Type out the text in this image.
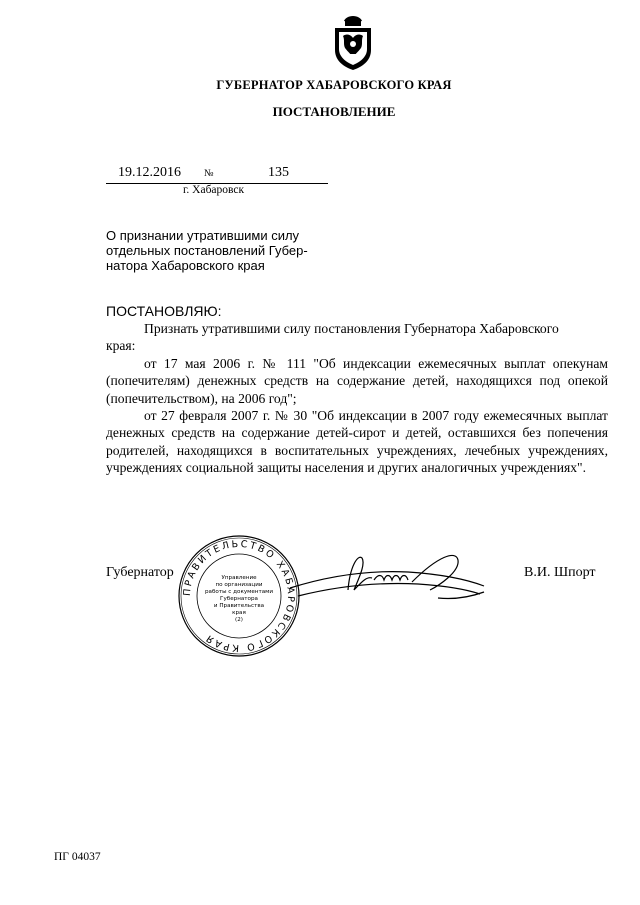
ГУБЕРНАТОР ХАБАРОВСКОГО КРАЯ
ПОСТАНОВЛЕНИЕ
19.12.2016 №	135
г. Хабаровск
О признании утратившими силу
отдельных постановлений Губер-
натора Хабаровского края
ПОСТАНОВЛЯЮ:

Признать утратившими силу постановления Губернатора Хабаровского

края:

от 17 мая 2006 г. № 111 "Об индексации ежемесячных выплат опекунам (попечителям) денежных средств на содержание детей, находящихся под опекой (попечительством), на 2006 год";

от 27 февраля 2007 г. № 30 "Об индексации в 2007 году ежемесячных выплат денежных средств на содержание детей-сирот и детей, оставшихся без попечения родителей, находящихся в воспитательных учреждениях, лечебных учреждениях, учреждениях социальной защиты населения и других аналогичных учреждениях".

Губернатор	В.И. Шпорт
ПРАВИТЕЛЬСТВО ХАБАРОВСКОГО КРАЯ
Управление
по организации
работы с документами
Губернатора
и Правительства
края
(2)
ПГ 04037
